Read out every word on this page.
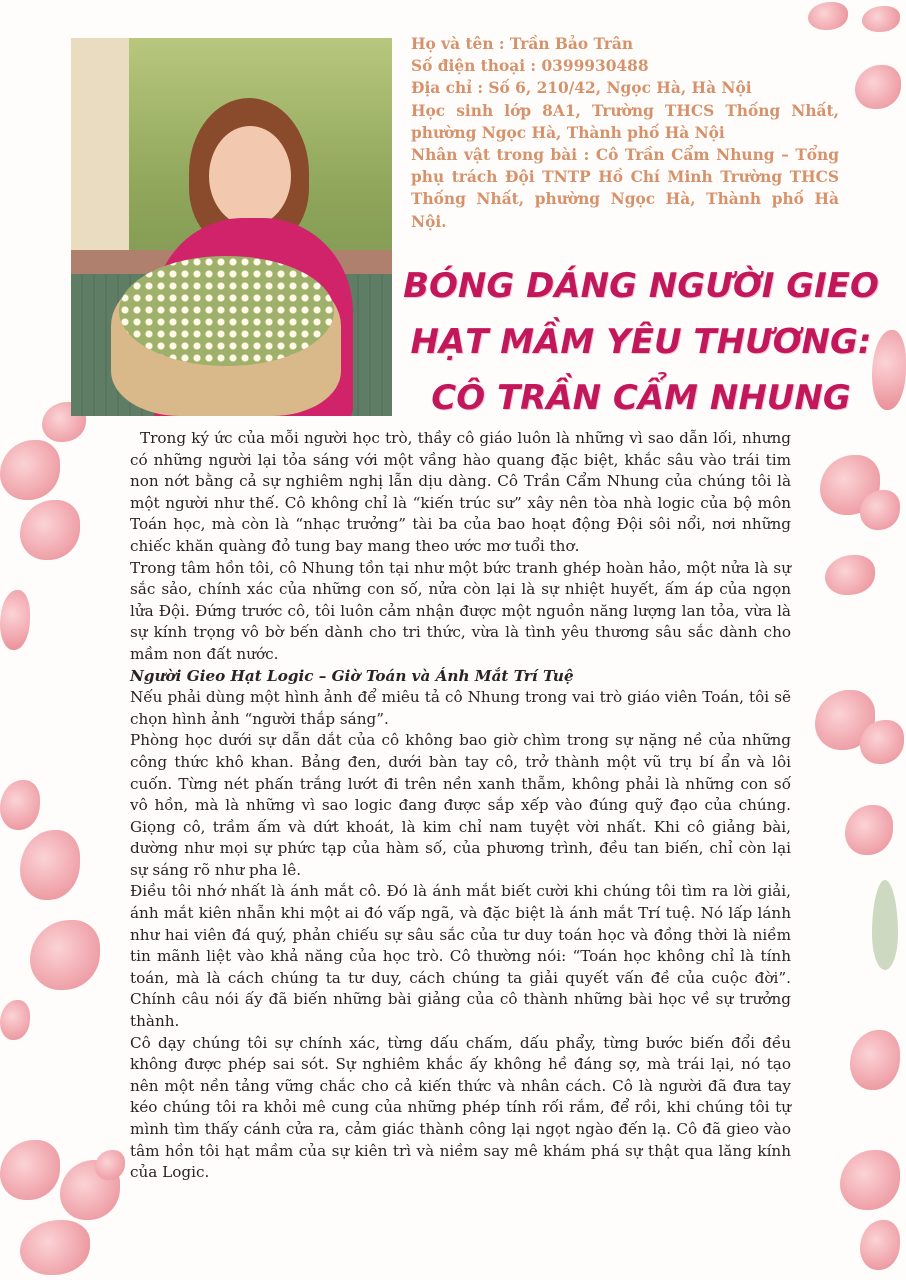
Họ và tên : Trần Bảo Trân

Số điện thoại : 0399930488

Địa chỉ : Số 6, 210/42, Ngọc Hà, Hà Nội

Học sinh lớp 8A1, Trường THCS Thống Nhất, phường Ngọc Hà, Thành phố Hà Nội

Nhân vật trong bài : Cô Trần Cẩm Nhung – Tổng phụ trách Đội TNTP Hồ Chí Minh Trường THCS Thống Nhất, phường Ngọc Hà, Thành phố Hà Nội.

BÓNG DÁNG NGƯỜI GIEO
HẠT MẦM YÊU THƯƠNG:
CÔ TRẦN CẨM NHUNG

Trong ký ức của mỗi người học trò, thầy cô giáo luôn là những vì sao dẫn lối, nhưng có những người lại tỏa sáng với một vầng hào quang đặc biệt, khắc sâu vào trái tim non nớt bằng cả sự nghiêm nghị lẫn dịu dàng. Cô Trần Cẩm Nhung của chúng tôi là một người như thế. Cô không chỉ là “kiến trúc sư” xây nên tòa nhà logic của bộ môn Toán học, mà còn là “nhạc trưởng” tài ba của bao hoạt động Đội sôi nổi, nơi những chiếc khăn quàng đỏ tung bay mang theo ước mơ tuổi thơ.

Trong tâm hồn tôi, cô Nhung tồn tại như một bức tranh ghép hoàn hảo, một nửa là sự sắc sảo, chính xác của những con số, nửa còn lại là sự nhiệt huyết, ấm áp của ngọn lửa Đội. Đứng trước cô, tôi luôn cảm nhận được một nguồn năng lượng lan tỏa, vừa là sự kính trọng vô bờ bến dành cho tri thức, vừa là tình yêu thương sâu sắc dành cho mầm non đất nước.

Người Gieo Hạt Logic – Giờ Toán và Ánh Mắt Trí Tuệ

Nếu phải dùng một hình ảnh để miêu tả cô Nhung trong vai trò giáo viên Toán, tôi sẽ chọn hình ảnh “người thắp sáng”.

Phòng học dưới sự dẫn dắt của cô không bao giờ chìm trong sự nặng nề của những công thức khô khan. Bảng đen, dưới bàn tay cô, trở thành một vũ trụ bí ẩn và lôi cuốn. Từng nét phấn trắng lướt đi trên nền xanh thẫm, không phải là những con số vô hồn, mà là những vì sao logic đang được sắp xếp vào đúng quỹ đạo của chúng. Giọng cô, trầm ấm và dứt khoát, là kim chỉ nam tuyệt vời nhất. Khi cô giảng bài, dường như mọi sự phức tạp của hàm số, của phương trình, đều tan biến, chỉ còn lại sự sáng rõ như pha lê.

Điều tôi nhớ nhất là ánh mắt cô. Đó là ánh mắt biết cười khi chúng tôi tìm ra lời giải, ánh mắt kiên nhẫn khi một ai đó vấp ngã, và đặc biệt là ánh mắt Trí tuệ. Nó lấp lánh như hai viên đá quý, phản chiếu sự sâu sắc của tư duy toán học và đồng thời là niềm tin mãnh liệt vào khả năng của học trò. Cô thường nói: “Toán học không chỉ là tính toán, mà là cách chúng ta tư duy, cách chúng ta giải quyết vấn đề của cuộc đời”. Chính câu nói ấy đã biến những bài giảng của cô thành những bài học về sự trưởng thành.

Cô dạy chúng tôi sự chính xác, từng dấu chấm, dấu phẩy, từng bước biến đổi đều không được phép sai sót. Sự nghiêm khắc ấy không hề đáng sợ, mà trái lại, nó tạo nên một nền tảng vững chắc cho cả kiến thức và nhân cách. Cô là người đã đưa tay kéo chúng tôi ra khỏi mê cung của những phép tính rối rắm, để rồi, khi chúng tôi tự mình tìm thấy cánh cửa ra, cảm giác thành công lại ngọt ngào đến lạ. Cô đã gieo vào tâm hồn tôi hạt mầm của sự kiên trì và niềm say mê khám phá sự thật qua lăng kính của Logic.
